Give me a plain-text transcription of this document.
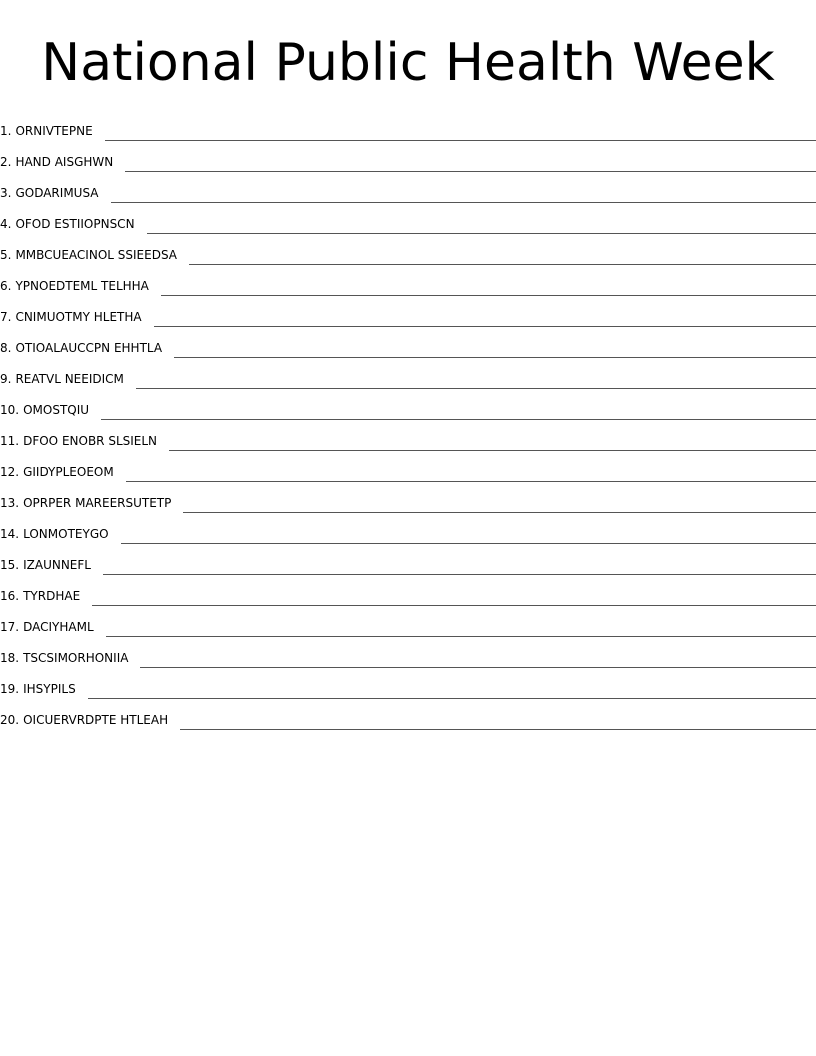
National Public Health Week
1. ORNIVTEPNE
2. HAND AISGHWN
3. GODARIMUSA
4. OFOD ESTIIOPNSCN
5. MMBCUEACINOL SSIEEDSA
6. YPNOEDTEML TELHHA
7. CNIMUOTMY HLETHA
8. OTIOALAUCCPN EHHTLA
9. REATVL NEEIDICM
10. OMOSTQIU
11. DFOO ENOBR SLSIELN
12. GIIDYPLEOEOM
13. OPRPER MAREERSUTETP
14. LONMOTEYGO
15. IZAUNNEFL
16. TYRDHAE
17. DACIYHAML
18. TSCSIMORHONIIA
19. IHSYPILS
20. OICUERVRDPTE HTLEAH
